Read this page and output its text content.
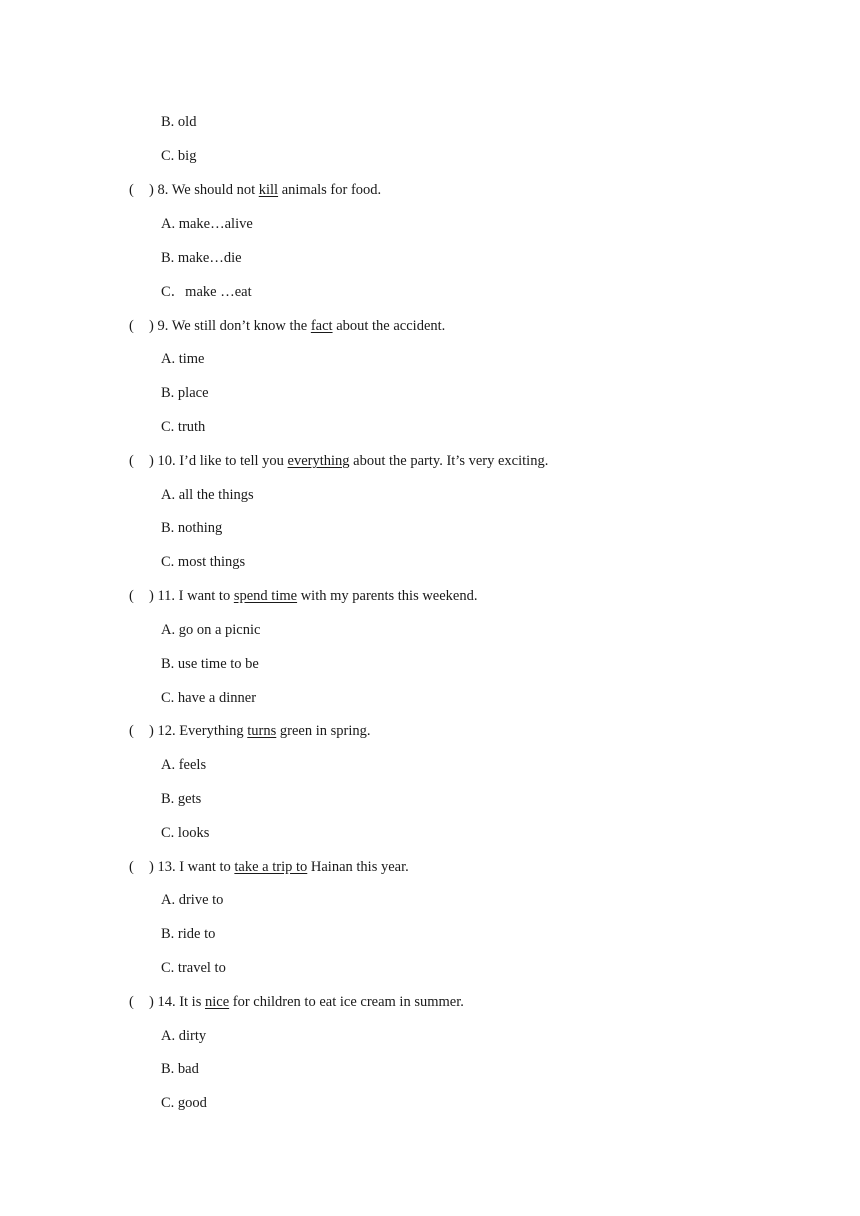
B. old
C. big
( ) 8. We should not kill animals for food.
A. make…alive
B. make…die
C．make …eat
( ) 9. We still don’t know the fact about the accident.
A. time
B. place
C. truth
( ) 10. I’d like to tell you everything about the party. It’s very exciting.
A. all the things
B. nothing
C. most things
( ) 11. I want to spend time with my parents this weekend.
A. go on a picnic
B. use time to be
C. have a dinner
( ) 12. Everything turns green in spring.
A. feels
B. gets
C. looks
( ) 13. I want to take a trip to Hainan this year.
A. drive to
B. ride to
C. travel to
( ) 14. It is nice for children to eat ice cream in summer.
A. dirty
B. bad
C. good
